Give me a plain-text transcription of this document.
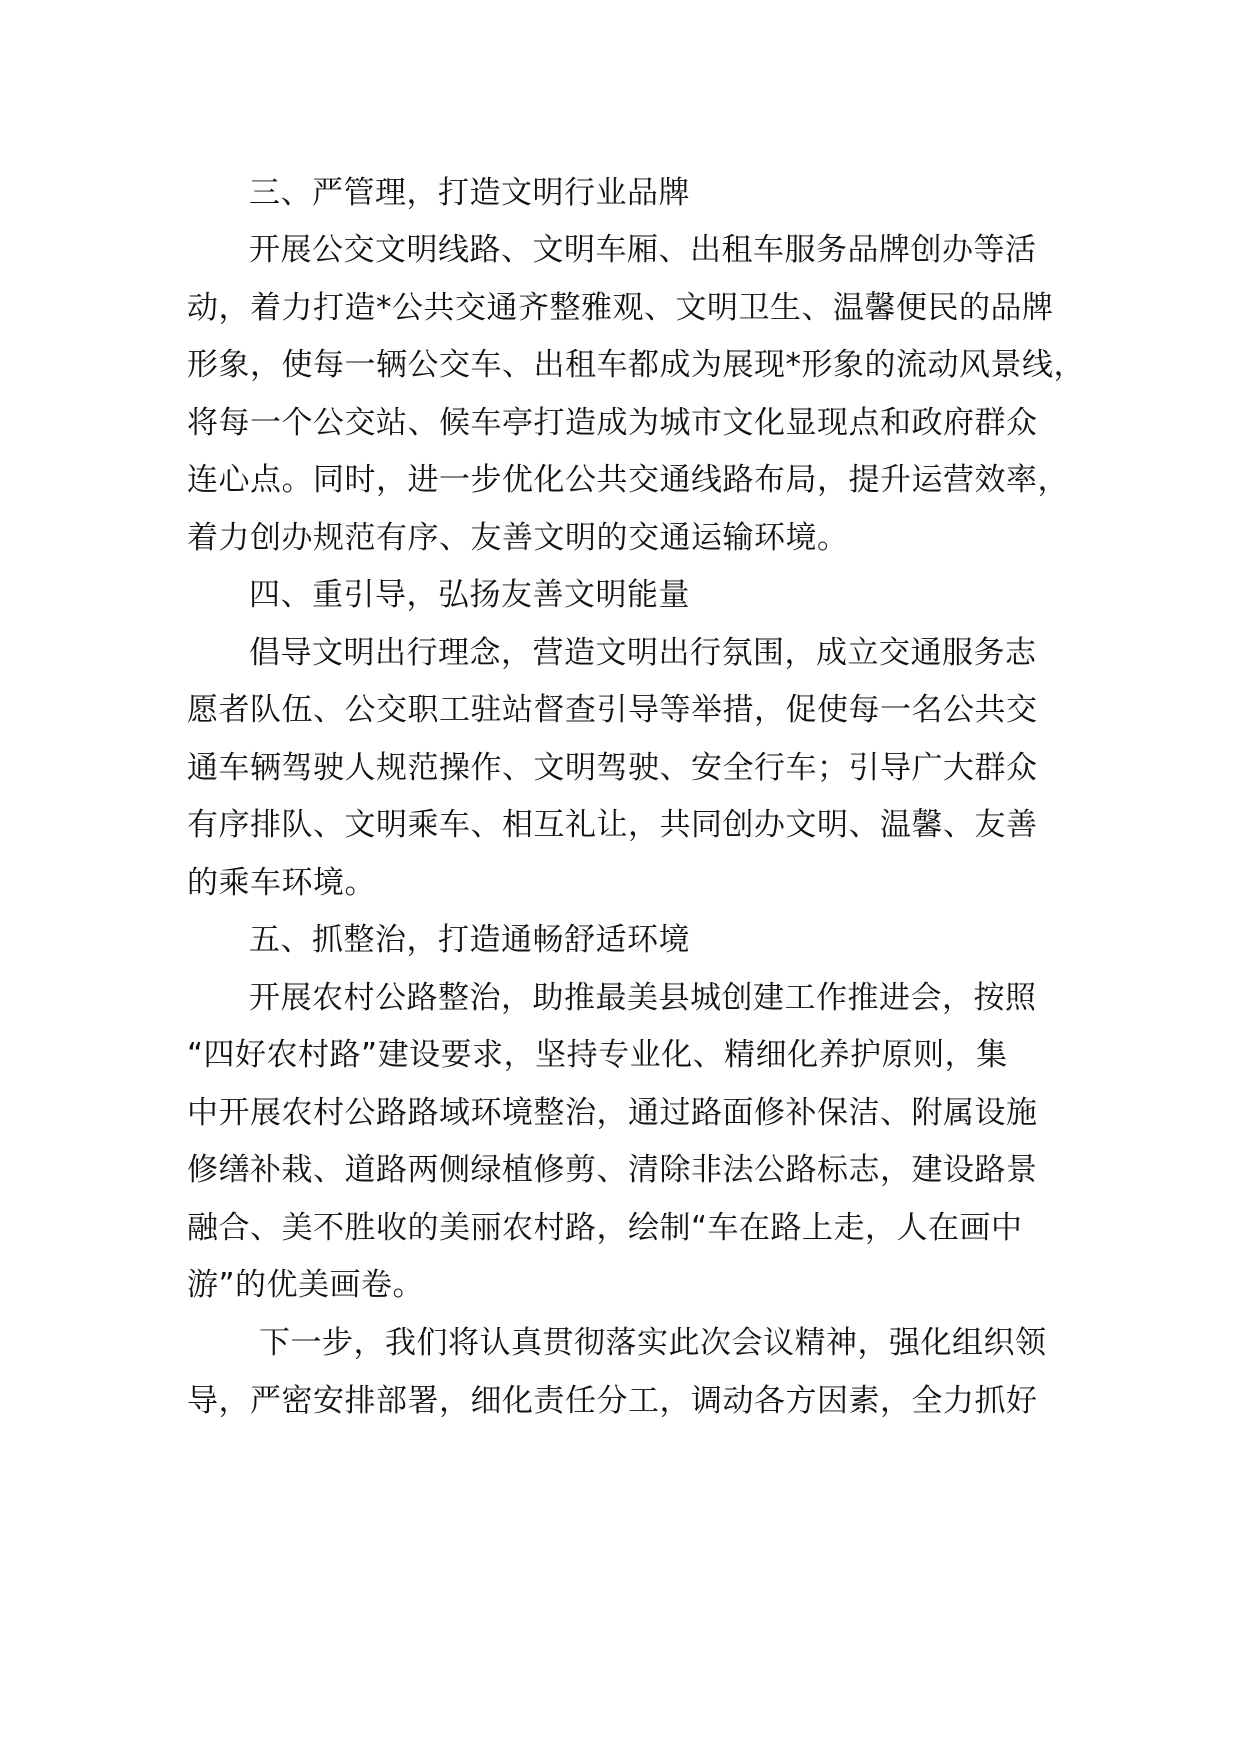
三、严管理，打造文明行业品牌
开展公交文明线路、文明车厢、出租车服务品牌创办等活
动，着力打造*公共交通齐整雅观、文明卫生、温馨便民的品牌
形象，使每一辆公交车、出租车都成为展现*形象的流动风景线，
将每一个公交站、候车亭打造成为城市文化显现点和政府群众
连心点。同时，进一步优化公共交通线路布局，提升运营效率，
着力创办规范有序、友善文明的交通运输环境。
四、重引导，弘扬友善文明能量
倡导文明出行理念，营造文明出行氛围，成立交通服务志
愿者队伍、公交职工驻站督查引导等举措，促使每一名公共交
通车辆驾驶人规范操作、文明驾驶、安全行车；引导广大群众
有序排队、文明乘车、相互礼让，共同创办文明、温馨、友善
的乘车环境。
五、抓整治，打造通畅舒适环境
开展农村公路整治，助推最美县城创建工作推进会，按照
“四好农村路”建设要求，坚持专业化、精细化养护原则，集
中开展农村公路路域环境整治，通过路面修补保洁、附属设施
修缮补栽、道路两侧绿植修剪、清除非法公路标志，建设路景
融合、美不胜收的美丽农村路，绘制“车在路上走，人在画中
游”的优美画卷。
下一步，我们将认真贯彻落实此次会议精神，强化组织领
导，严密安排部署，细化责任分工，调动各方因素，全力抓好
